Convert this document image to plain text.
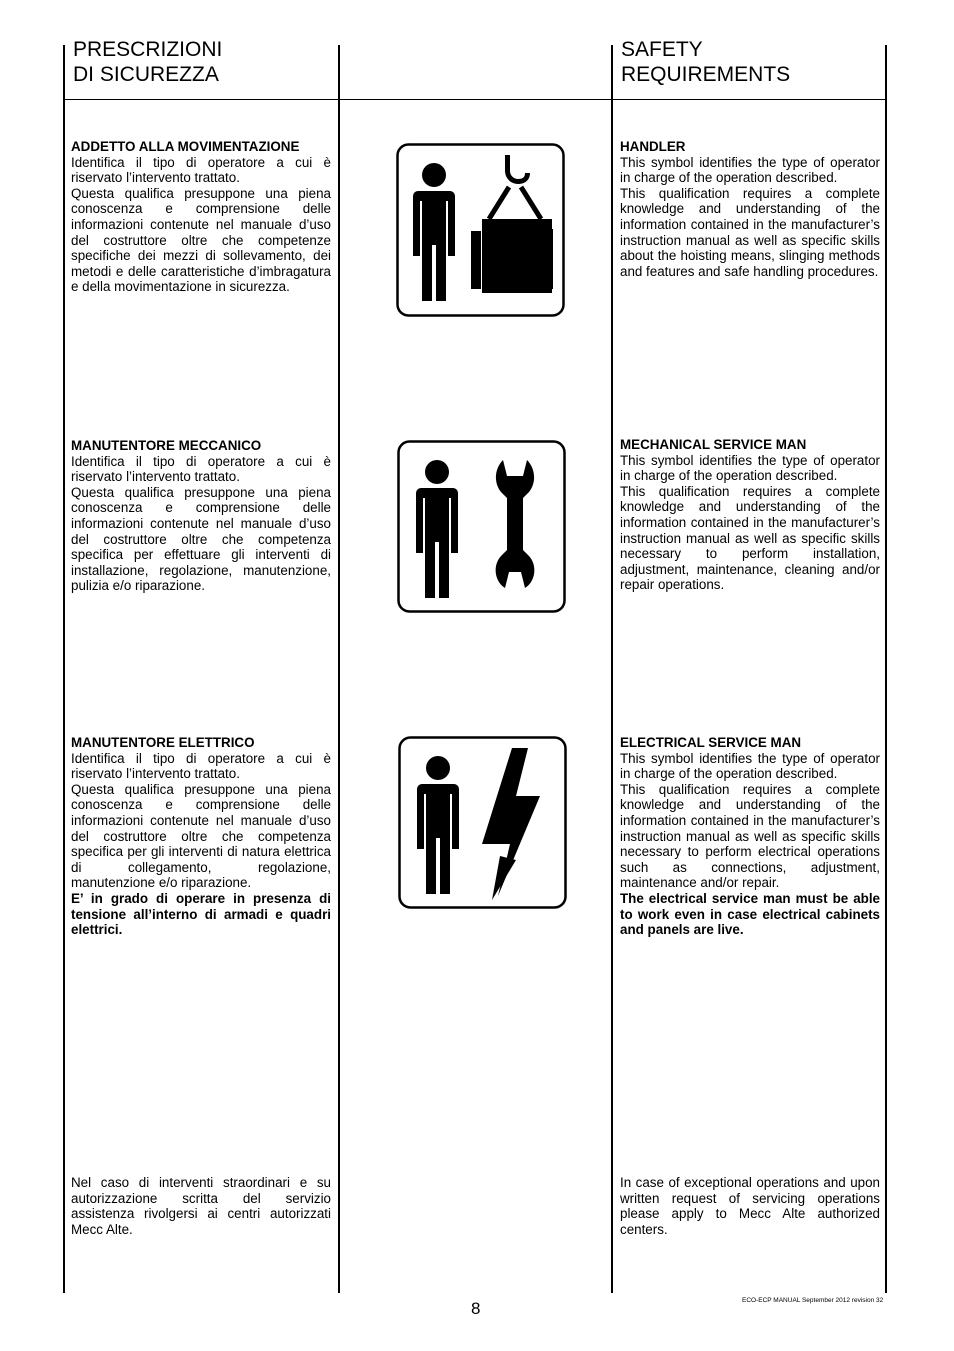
PRESCRIZIONI
DI SICUREZZA
SAFETY
REQUIREMENTS

ADDETTO ALLA MOVIMENTAZIONE

Identifica il tipo di operatore a cui è riservato l’intervento trattato.

Questa qualifica presuppone una piena conoscenza e comprensione delle informazioni contenute nel manuale d’uso del costruttore oltre che competenze specifiche dei mezzi di sollevamento, dei metodi e delle caratteristiche d’imbragatura e della movimentazione in sicurezza.

HANDLER

This symbol identifies the type of operator in charge of the operation described.

This qualification requires a complete knowledge and understanding of the information contained in the manufacturer’s instruction manual as well as specific skills about the hoisting means, slinging methods and features and safe handling procedures.

MANUTENTORE MECCANICO

Identifica il tipo di operatore a cui è riservato l’intervento trattato.

Questa qualifica presuppone una piena conoscenza e comprensione delle informazioni contenute nel manuale d’uso del costruttore oltre che competenza specifica per effettuare gli interventi di installazione, regolazione, manutenzione, pulizia e/o riparazione.

MECHANICAL SERVICE MAN

This symbol identifies the type of operator in charge of the operation described.

This qualification requires a complete knowledge and understanding of the information contained in the manufacturer’s instruction manual as well as specific skills necessary to perform installation, adjustment, maintenance, cleaning and/or repair operations.

MANUTENTORE ELETTRICO

Identifica il tipo di operatore a cui è riservato l’intervento trattato.

Questa qualifica presuppone una piena conoscenza e comprensione delle informazioni contenute nel manuale d’uso del costruttore oltre che competenza specifica per gli interventi di natura elettrica di collegamento, regolazione, manutenzione e/o riparazione.

E’ in grado di operare in presenza di tensione all’interno di armadi e quadri elettrici.

ELECTRICAL SERVICE MAN

This symbol identifies the type of operator in charge of the operation described.

This qualification requires a complete knowledge and understanding of the information contained in the manufacturer’s instruction manual as well as specific skills necessary to perform electrical operations such as connections, adjustment, maintenance and/or repair.

The electrical service man must be able to work even in case electrical cabinets and panels are live.

Nel caso di interventi straordinari e su autorizzazione scritta del servizio assistenza rivolgersi ai centri autorizzati Mecc Alte.

In case of exceptional operations and upon written request of servicing operations please apply to Mecc Alte authorized centers.

8	ECO-ECP MANUAL September 2012 revision 32
